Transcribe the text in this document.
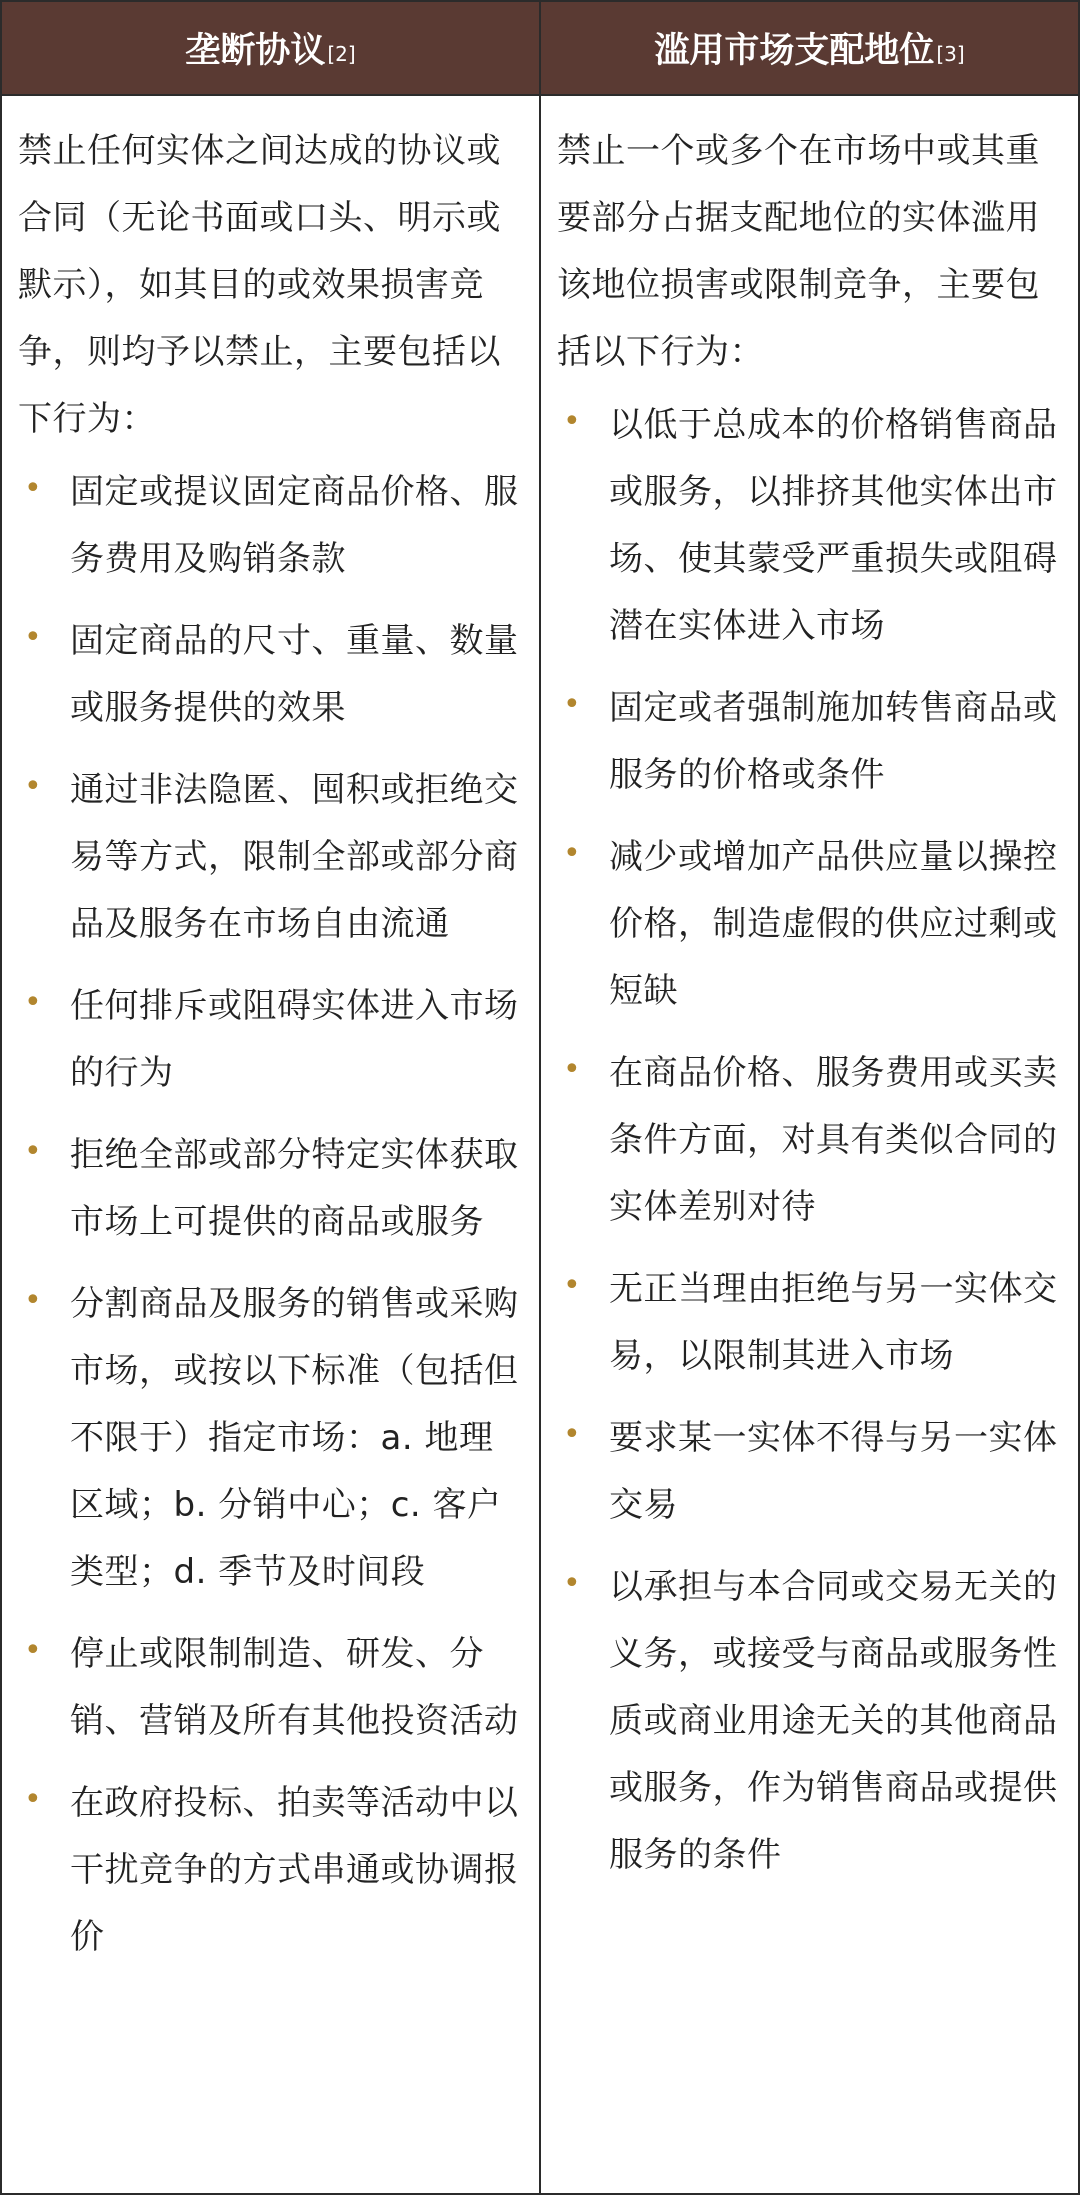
垄断协议 [2]	滥用市场支配地位 [3]

禁止任何实体之间达成的协议或合同（无论书面或口头、明示或默示），如其目的或效果损害竞争，则均予以禁止，主要包括以下行为：

• 固定或提议固定商品价格、服务费用及购销条款
• 固定商品的尺寸、重量、数量或服务提供的效果
• 通过非法隐匿、囤积或拒绝交易等方式，限制全部或部分商品及服务在市场自由流通
• 任何排斥或阻碍实体进入市场的行为
• 拒绝全部或部分特定实体获取市场上可提供的商品或服务
• 分割商品及服务的销售或采购市场，或按以下标准（包括但不限于）指定市场：a. 地理区域；b. 分销中心；c. 客户类型；d. 季节及时间段
• 停止或限制制造、研发、分销、营销及所有其他投资活动
• 在政府投标、拍卖等活动中以干扰竞争的方式串通或协调报价

禁止一个或多个在市场中或其重要部分占据支配地位的实体滥用该地位损害或限制竞争，主要包括以下行为：

• 以低于总成本的价格销售商品或服务，以排挤其他实体出市场、使其蒙受严重损失或阻碍潜在实体进入市场
• 固定或者强制施加转售商品或服务的价格或条件
• 减少或增加产品供应量以操控价格，制造虚假的供应过剩或短缺
• 在商品价格、服务费用或买卖条件方面，对具有类似合同的实体差别对待
• 无正当理由拒绝与另一实体交易，以限制其进入市场
• 要求某一实体不得与另一实体交易
• 以承担与本合同或交易无关的义务，或接受与商品或服务性质或商业用途无关的其他商品或服务，作为销售商品或提供服务的条件
